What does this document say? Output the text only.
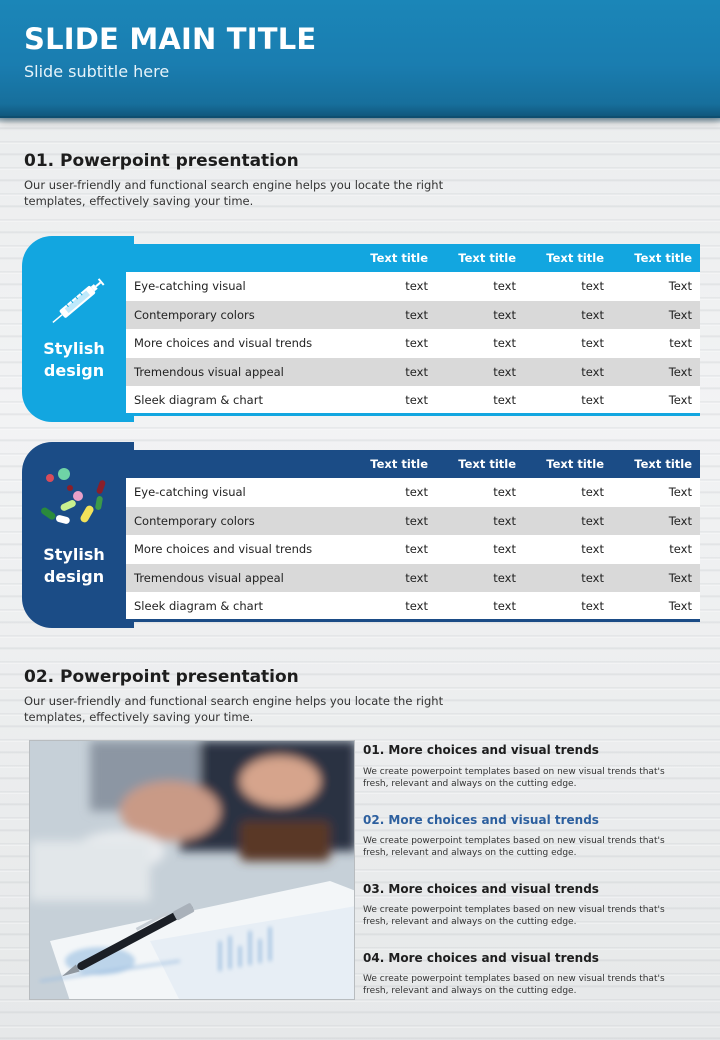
SLIDE MAIN TITLE
Slide subtitle here
01. Powerpoint presentation
Our user-friendly and functional search engine helps you locate the right templates, effectively saving your time.
Stylish
design
	Text title	Text title	Text title	Text title
Eye-catching visual	text	text	text	Text
Contemporary colors	text	text	text	Text
More choices and visual trends	text	text	text	text
Tremendous visual appeal	text	text	text	Text
Sleek diagram & chart	text	text	text	Text
Stylish
design
	Text title	Text title	Text title	Text title
Eye-catching visual	text	text	text	Text
Contemporary colors	text	text	text	Text
More choices and visual trends	text	text	text	text
Tremendous visual appeal	text	text	text	Text
Sleek diagram & chart	text	text	text	Text
02. Powerpoint presentation
Our user-friendly and functional search engine helps you locate the right templates, effectively saving your time.
01. More choices and visual trends
We create powerpoint templates based on new visual trends that's fresh, relevant and always on the cutting edge.
02. More choices and visual trends
We create powerpoint templates based on new visual trends that's fresh, relevant and always on the cutting edge.
03. More choices and visual trends
We create powerpoint templates based on new visual trends that's fresh, relevant and always on the cutting edge.
04. More choices and visual trends
We create powerpoint templates based on new visual trends that's fresh, relevant and always on the cutting edge.
